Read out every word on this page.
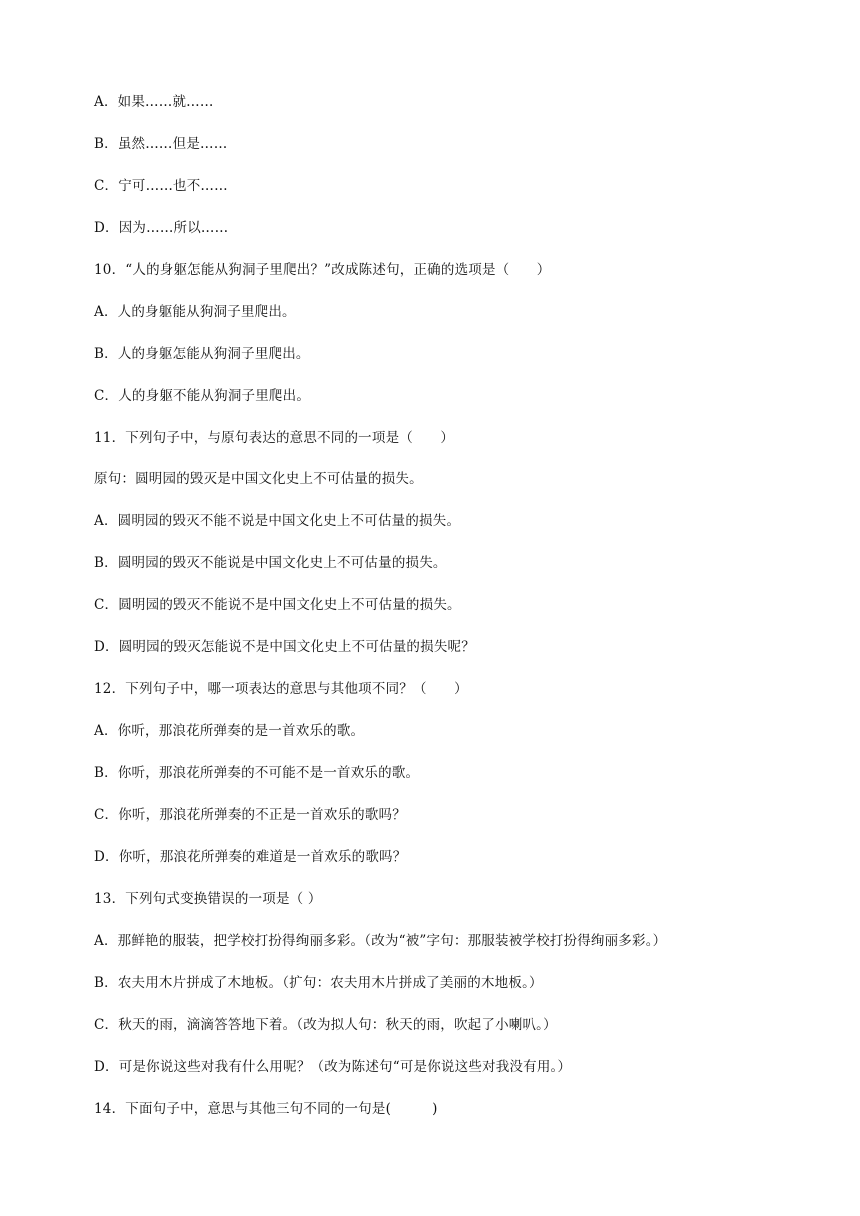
A．如果……就……
B．虽然……但是……
C．宁可……也不……
D．因为……所以……
10．“人的身躯怎能从狗洞子里爬出？”改成陈述句，正确的选项是（　　）
A．人的身躯能从狗洞子里爬出。
B．人的身躯怎能从狗洞子里爬出。
C．人的身躯不能从狗洞子里爬出。
11．下列句子中，与原句表达的意思不同的一项是（　　）
原句：圆明园的毁灭是中国文化史上不可估量的损失。
A．圆明园的毁灭不能不说是中国文化史上不可估量的损失。
B．圆明园的毁灭不能说是中国文化史上不可估量的损失。
C．圆明园的毁灭不能说不是中国文化史上不可估量的损失。
D．圆明园的毁灭怎能说不是中国文化史上不可估量的损失呢？
12．下列句子中，哪一项表达的意思与其他项不同？（　　）
A．你听，那浪花所弹奏的是一首欢乐的歌。
B．你听，那浪花所弹奏的不可能不是一首欢乐的歌。
C．你听，那浪花所弹奏的不正是一首欢乐的歌吗？
D．你听，那浪花所弹奏的难道是一首欢乐的歌吗？
13．下列句式变换错误的一项是（ ）
A．那鲜艳的服装，把学校打扮得绚丽多彩。（改为“被”字句：那服装被学校打扮得绚丽多彩。）
B．农夫用木片拼成了木地板。（扩句：农夫用木片拼成了美丽的木地板。）
C．秋天的雨，滴滴答答地下着。（改为拟人句：秋天的雨，吹起了小喇叭。）
D．可是你说这些对我有什么用呢？（改为陈述句“可是你说这些对我没有用。）
14．下面句子中，意思与其他三句不同的一句是(　　　)
